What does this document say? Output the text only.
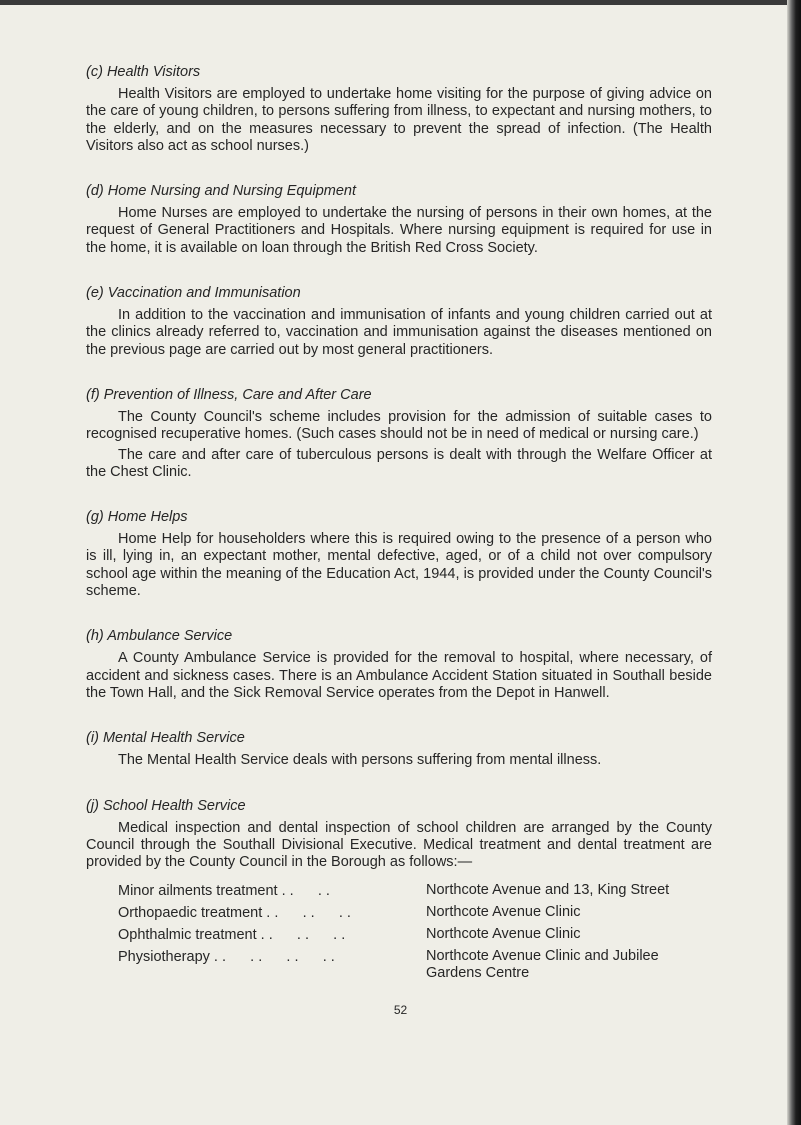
(c) Health Visitors

Health Visitors are employed to undertake home visiting for the purpose of giving advice on the care of young children, to persons suffering from illness, to expectant and nursing mothers, to the elderly, and on the measures necessary to prevent the spread of infection. (The Health Visitors also act as school nurses.)

(d) Home Nursing and Nursing Equipment

Home Nurses are employed to undertake the nursing of persons in their own homes, at the request of General Practitioners and Hospitals. Where nursing equipment is required for use in the home, it is available on loan through the British Red Cross Society.

(e) Vaccination and Immunisation

In addition to the vaccination and immunisation of infants and young children carried out at the clinics already referred to, vaccination and immunisation against the diseases mentioned on the previous page are carried out by most general practitioners.

(f) Prevention of Illness, Care and After Care

The County Council's scheme includes provision for the admission of suitable cases to recognised recuperative homes. (Such cases should not be in need of medical or nursing care.)

The care and after care of tuberculous persons is dealt with through the Welfare Officer at the Chest Clinic.

(g) Home Helps

Home Help for householders where this is required owing to the presence of a person who is ill, lying in, an expectant mother, mental defective, aged, or of a child not over compulsory school age within the meaning of the Education Act, 1944, is provided under the County Council's scheme.

(h) Ambulance Service

A County Ambulance Service is provided for the removal to hospital, where necessary, of accident and sickness cases. There is an Ambulance Accident Station situated in Southall beside the Town Hall, and the Sick Removal Service operates from the Depot in Hanwell.

(i) Mental Health Service

The Mental Health Service deals with persons suffering from mental illness.

(j) School Health Service

Medical inspection and dental inspection of school children are arranged by the County Council through the Southall Divisional Executive. Medical treatment and dental treatment are provided by the County Council in the Borough as follows:—

Minor ailments treatment . .      . .	Northcote Avenue and 13, King Street
Orthopaedic treatment . .      . .      . .	Northcote Avenue Clinic
Ophthalmic treatment . .      . .      . .	Northcote Avenue Clinic
Physiotherapy . .      . .      . .      . .	Northcote Avenue Clinic and Jubilee Gardens Centre
52
